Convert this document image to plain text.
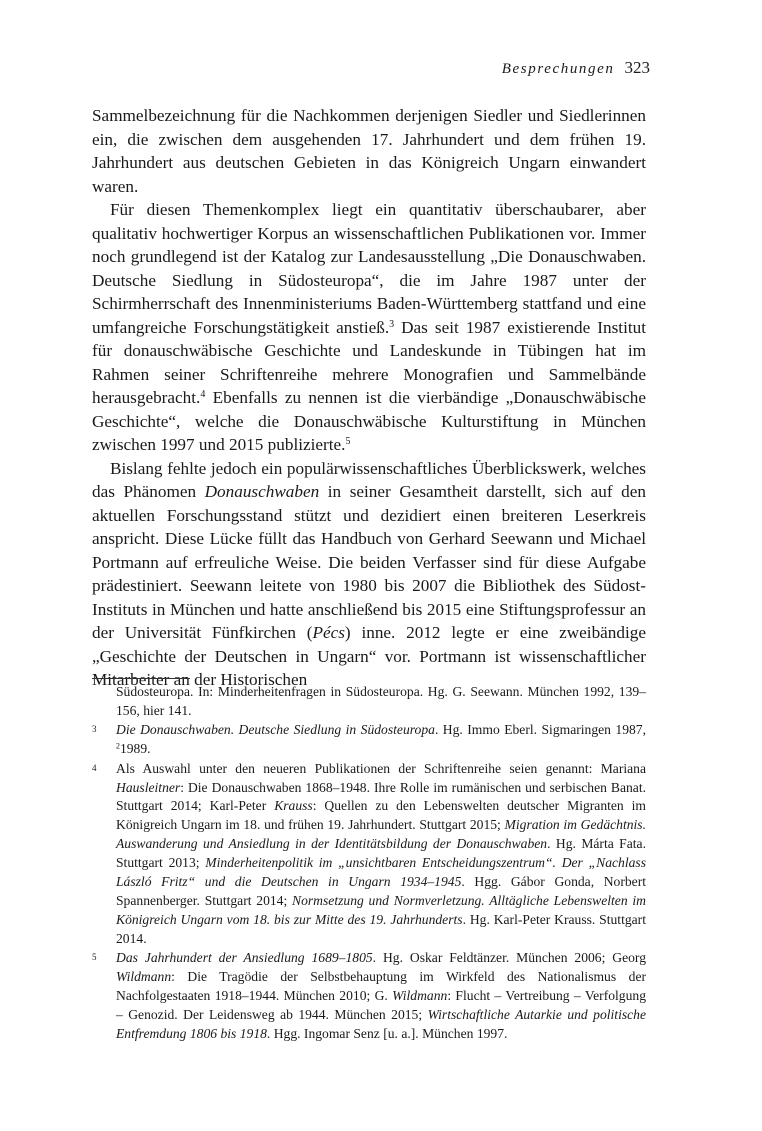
Besprechungen 323

Sammelbezeichnung für die Nachkommen derjenigen Siedler und Siedlerinnen ein, die zwischen dem ausgehenden 17. Jahrhundert und dem frühen 19. Jahrhundert aus deutschen Gebieten in das Königreich Ungarn einwandert waren.

Für diesen Themenkomplex liegt ein quantitativ überschaubarer, aber qualitativ hochwertiger Korpus an wissenschaftlichen Publikationen vor. Immer noch grundlegend ist der Katalog zur Landesausstellung „Die Donauschwaben. Deutsche Siedlung in Südosteuropa“, die im Jahre 1987 unter der Schirmherrschaft des Innenministeriums Baden-Württemberg stattfand und eine umfangreiche Forschungstätigkeit anstieß.$^3$ Das seit 1987 existierende Institut für donauschwäbische Geschichte und Landeskunde in Tübingen hat im Rahmen seiner Schriftenreihe mehrere Monografien und Sammelbände herausgebracht.$^4$ Ebenfalls zu nennen ist die vierbändige „Donauschwäbische Geschichte“, welche die Donauschwäbische Kulturstiftung in München zwischen 1997 und 2015 publizierte.$^5$

Bislang fehlte jedoch ein populärwissenschaftliches Überblickswerk, welches das Phänomen Donauschwaben in seiner Gesamtheit darstellt, sich auf den aktuellen Forschungsstand stützt und dezidiert einen breiteren Leserkreis anspricht. Diese Lücke füllt das Handbuch von Gerhard Seewann und Michael Portmann auf erfreuliche Weise. Die beiden Verfasser sind für diese Aufgabe prädestiniert. Seewann leitete von 1980 bis 2007 die Bibliothek des Südost-Instituts in München und hatte anschließend bis 2015 eine Stiftungsprofessur an der Universität Fünfkirchen (Pécs) inne. 2012 legte er eine zweibändige „Geschichte der Deutschen in Ungarn“ vor. Portmann ist wissenschaftlicher Mitarbeiter an der Historischen

Südosteuropa. In: Minderheitenfragen in Südosteuropa. Hg. G. Seewann. München 1992, 139–156, hier 141.
3 Die Donauschwaben. Deutsche Siedlung in Südosteuropa. Hg. Immo Eberl. Sigmaringen 1987, $^2$1989.
4 Als Auswahl unter den neueren Publikationen der Schriftenreihe seien genannt: Mariana Hausleitner: Die Donauschwaben 1868–1948. Ihre Rolle im rumänischen und serbischen Banat. Stuttgart 2014; Karl-Peter Krauss: Quellen zu den Lebenswelten deutscher Migranten im Königreich Ungarn im 18. und frühen 19. Jahrhundert. Stuttgart 2015; Migration im Gedächtnis. Auswanderung und Ansiedlung in der Identitätsbildung der Donauschwaben. Hg. Márta Fata. Stuttgart 2013; Minderheitenpolitik im „unsichtbaren Entscheidungszentrum“. Der „Nachlass László Fritz“ und die Deutschen in Ungarn 1934–1945. Hgg. Gábor Gonda, Norbert Spannenberger. Stuttgart 2014; Normsetzung und Normverletzung. Alltägliche Lebenswelten im Königreich Ungarn vom 18. bis zur Mitte des 19. Jahrhunderts. Hg. Karl-Peter Krauss. Stuttgart 2014.
5 Das Jahrhundert der Ansiedlung 1689–1805. Hg. Oskar Feldtänzer. München 2006; Georg Wildmann: Die Tragödie der Selbstbehauptung im Wirkfeld des Nationalismus der Nachfolgestaaten 1918–1944. München 2010; G. Wildmann: Flucht – Vertreibung – Verfolgung – Genozid. Der Leidensweg ab 1944. München 2015; Wirtschaftliche Autarkie und politische Entfremdung 1806 bis 1918. Hgg. Ingomar Senz [u. a.]. München 1997.
